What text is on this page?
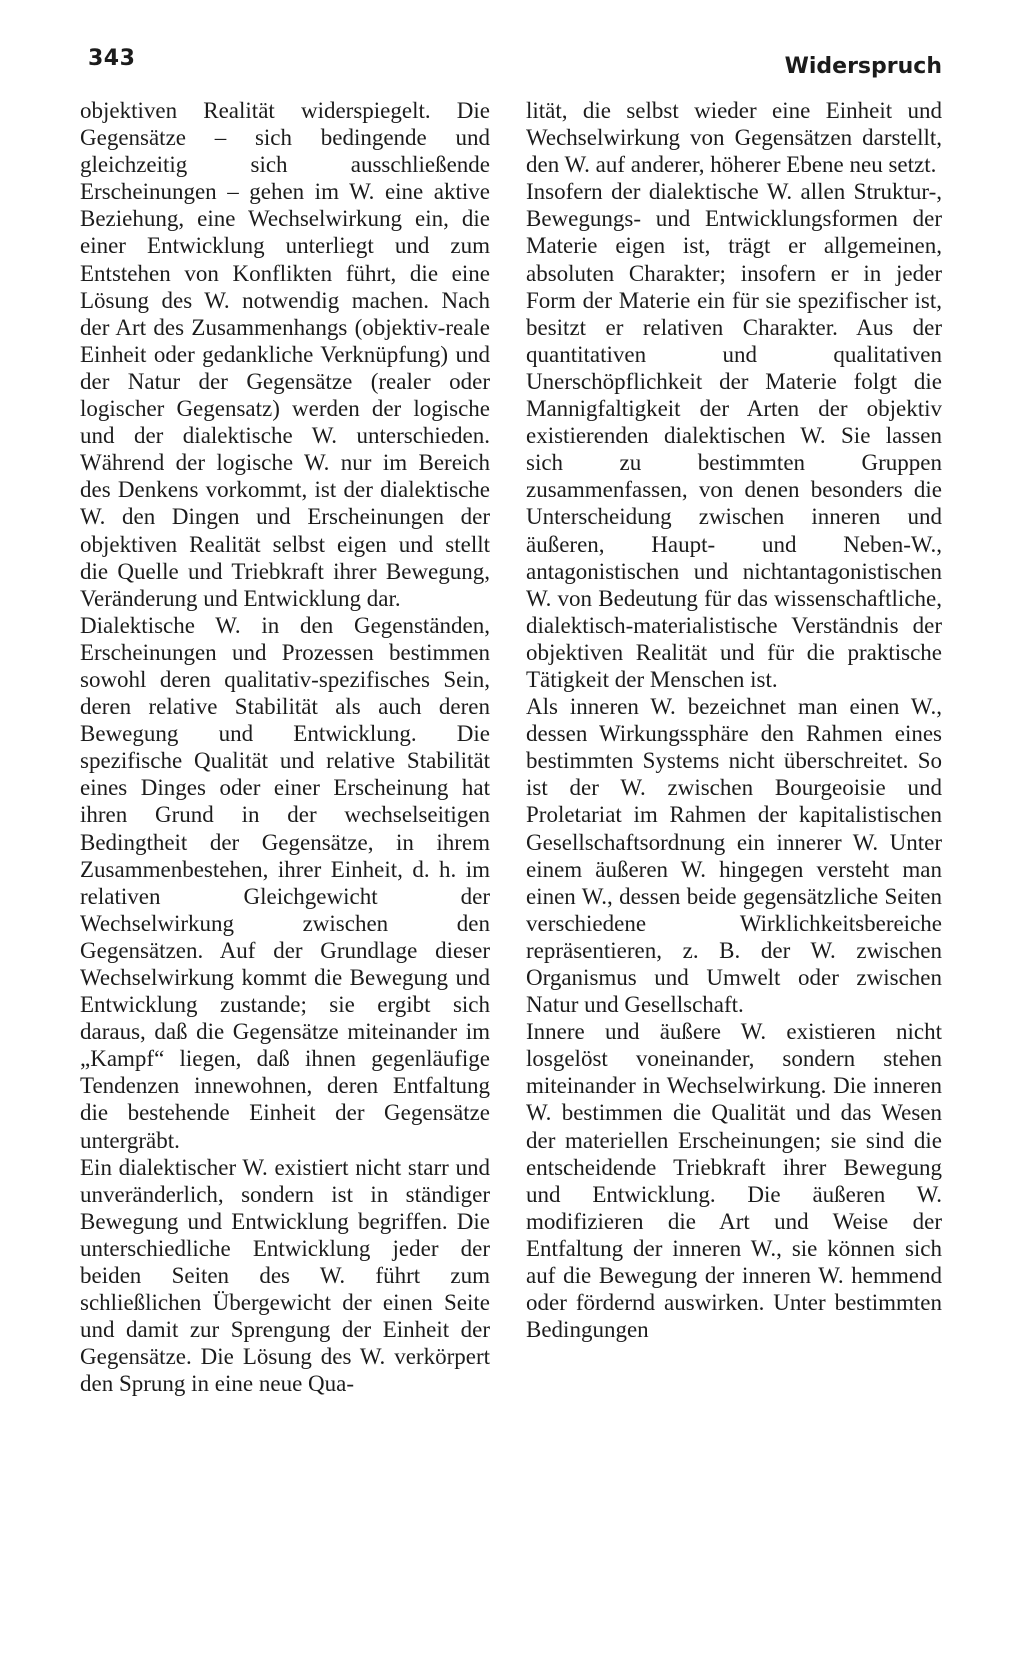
343	Widerspruch

objektiven Realität widerspiegelt. Die Gegensätze – sich bedingende und gleichzeitig sich ausschließende Erscheinungen – gehen im W. eine aktive Beziehung, eine Wechselwirkung ein, die einer Entwicklung unterliegt und zum Entstehen von Konflikten führt, die eine Lösung des W. notwendig machen. Nach der Art des Zusammenhangs (objektiv-reale Einheit oder gedankliche Verknüpfung) und der Natur der Gegensätze (realer oder logischer Gegensatz) werden der logische und der dialektische W. unterschieden. Während der logische W. nur im Bereich des Denkens vorkommt, ist der dialektische W. den Dingen und Erscheinungen der objektiven Realität selbst eigen und stellt die Quelle und Triebkraft ihrer Bewegung, Veränderung und Entwicklung dar.

Dialektische W. in den Gegenständen, Erscheinungen und Prozessen bestimmen sowohl deren qualitativ-spezifisches Sein, deren relative Stabilität als auch deren Bewegung und Entwicklung. Die spezifische Qualität und relative Stabilität eines Dinges oder einer Erscheinung hat ihren Grund in der wechselseitigen Bedingtheit der Gegensätze, in ihrem Zusammenbestehen, ihrer Einheit, d. h. im relativen Gleichgewicht der Wechselwirkung zwischen den Gegensätzen. Auf der Grundlage dieser Wechselwirkung kommt die Bewegung und Entwicklung zustande; sie ergibt sich daraus, daß die Gegensätze miteinander im „Kampf“ liegen, daß ihnen gegenläufige Tendenzen innewohnen, deren Entfaltung die bestehende Einheit der Gegensätze untergräbt.

Ein dialektischer W. existiert nicht starr und unveränderlich, sondern ist in ständiger Bewegung und Entwicklung begriffen. Die unterschiedliche Entwicklung jeder der beiden Seiten des W. führt zum schließlichen Übergewicht der einen Seite und damit zur Sprengung der Einheit der Gegensätze. Die Lösung des W. verkörpert den Sprung in eine neue Qua-

lität, die selbst wieder eine Einheit und Wechselwirkung von Gegensätzen darstellt, den W. auf anderer, höherer Ebene neu setzt.

Insofern der dialektische W. allen Struktur-, Bewegungs- und Entwicklungsformen der Materie eigen ist, trägt er allgemeinen, absoluten Charakter; insofern er in jeder Form der Materie ein für sie spezifischer ist, besitzt er relativen Charakter. Aus der quantitativen und qualitativen Unerschöpflichkeit der Materie folgt die Mannigfaltigkeit der Arten der objektiv existierenden dialektischen W. Sie lassen sich zu bestimmten Gruppen zusammenfassen, von denen besonders die Unterscheidung zwischen inneren und äußeren, Haupt- und Neben-W., antagonistischen und nichtantagonistischen W. von Bedeutung für das wissenschaftliche, dialektisch-materialistische Verständnis der objektiven Realität und für die praktische Tätigkeit der Menschen ist.

Als inneren W. bezeichnet man einen W., dessen Wirkungssphäre den Rahmen eines bestimmten Systems nicht überschreitet. So ist der W. zwischen Bourgeoisie und Proletariat im Rahmen der kapitalistischen Gesellschaftsordnung ein innerer W. Unter einem äußeren W. hingegen versteht man einen W., dessen beide gegensätzliche Seiten verschiedene Wirklichkeitsbereiche repräsentieren, z. B. der W. zwischen Organismus und Umwelt oder zwischen Natur und Gesellschaft.

Innere und äußere W. existieren nicht losgelöst voneinander, sondern stehen miteinander in Wechselwirkung. Die inneren W. bestimmen die Qualität und das Wesen der materiellen Erscheinungen; sie sind die entscheidende Triebkraft ihrer Bewegung und Entwicklung. Die äußeren W. modifizieren die Art und Weise der Entfaltung der inneren W., sie können sich auf die Bewegung der inneren W. hemmend oder fördernd auswirken. Unter bestimmten Bedingungen
